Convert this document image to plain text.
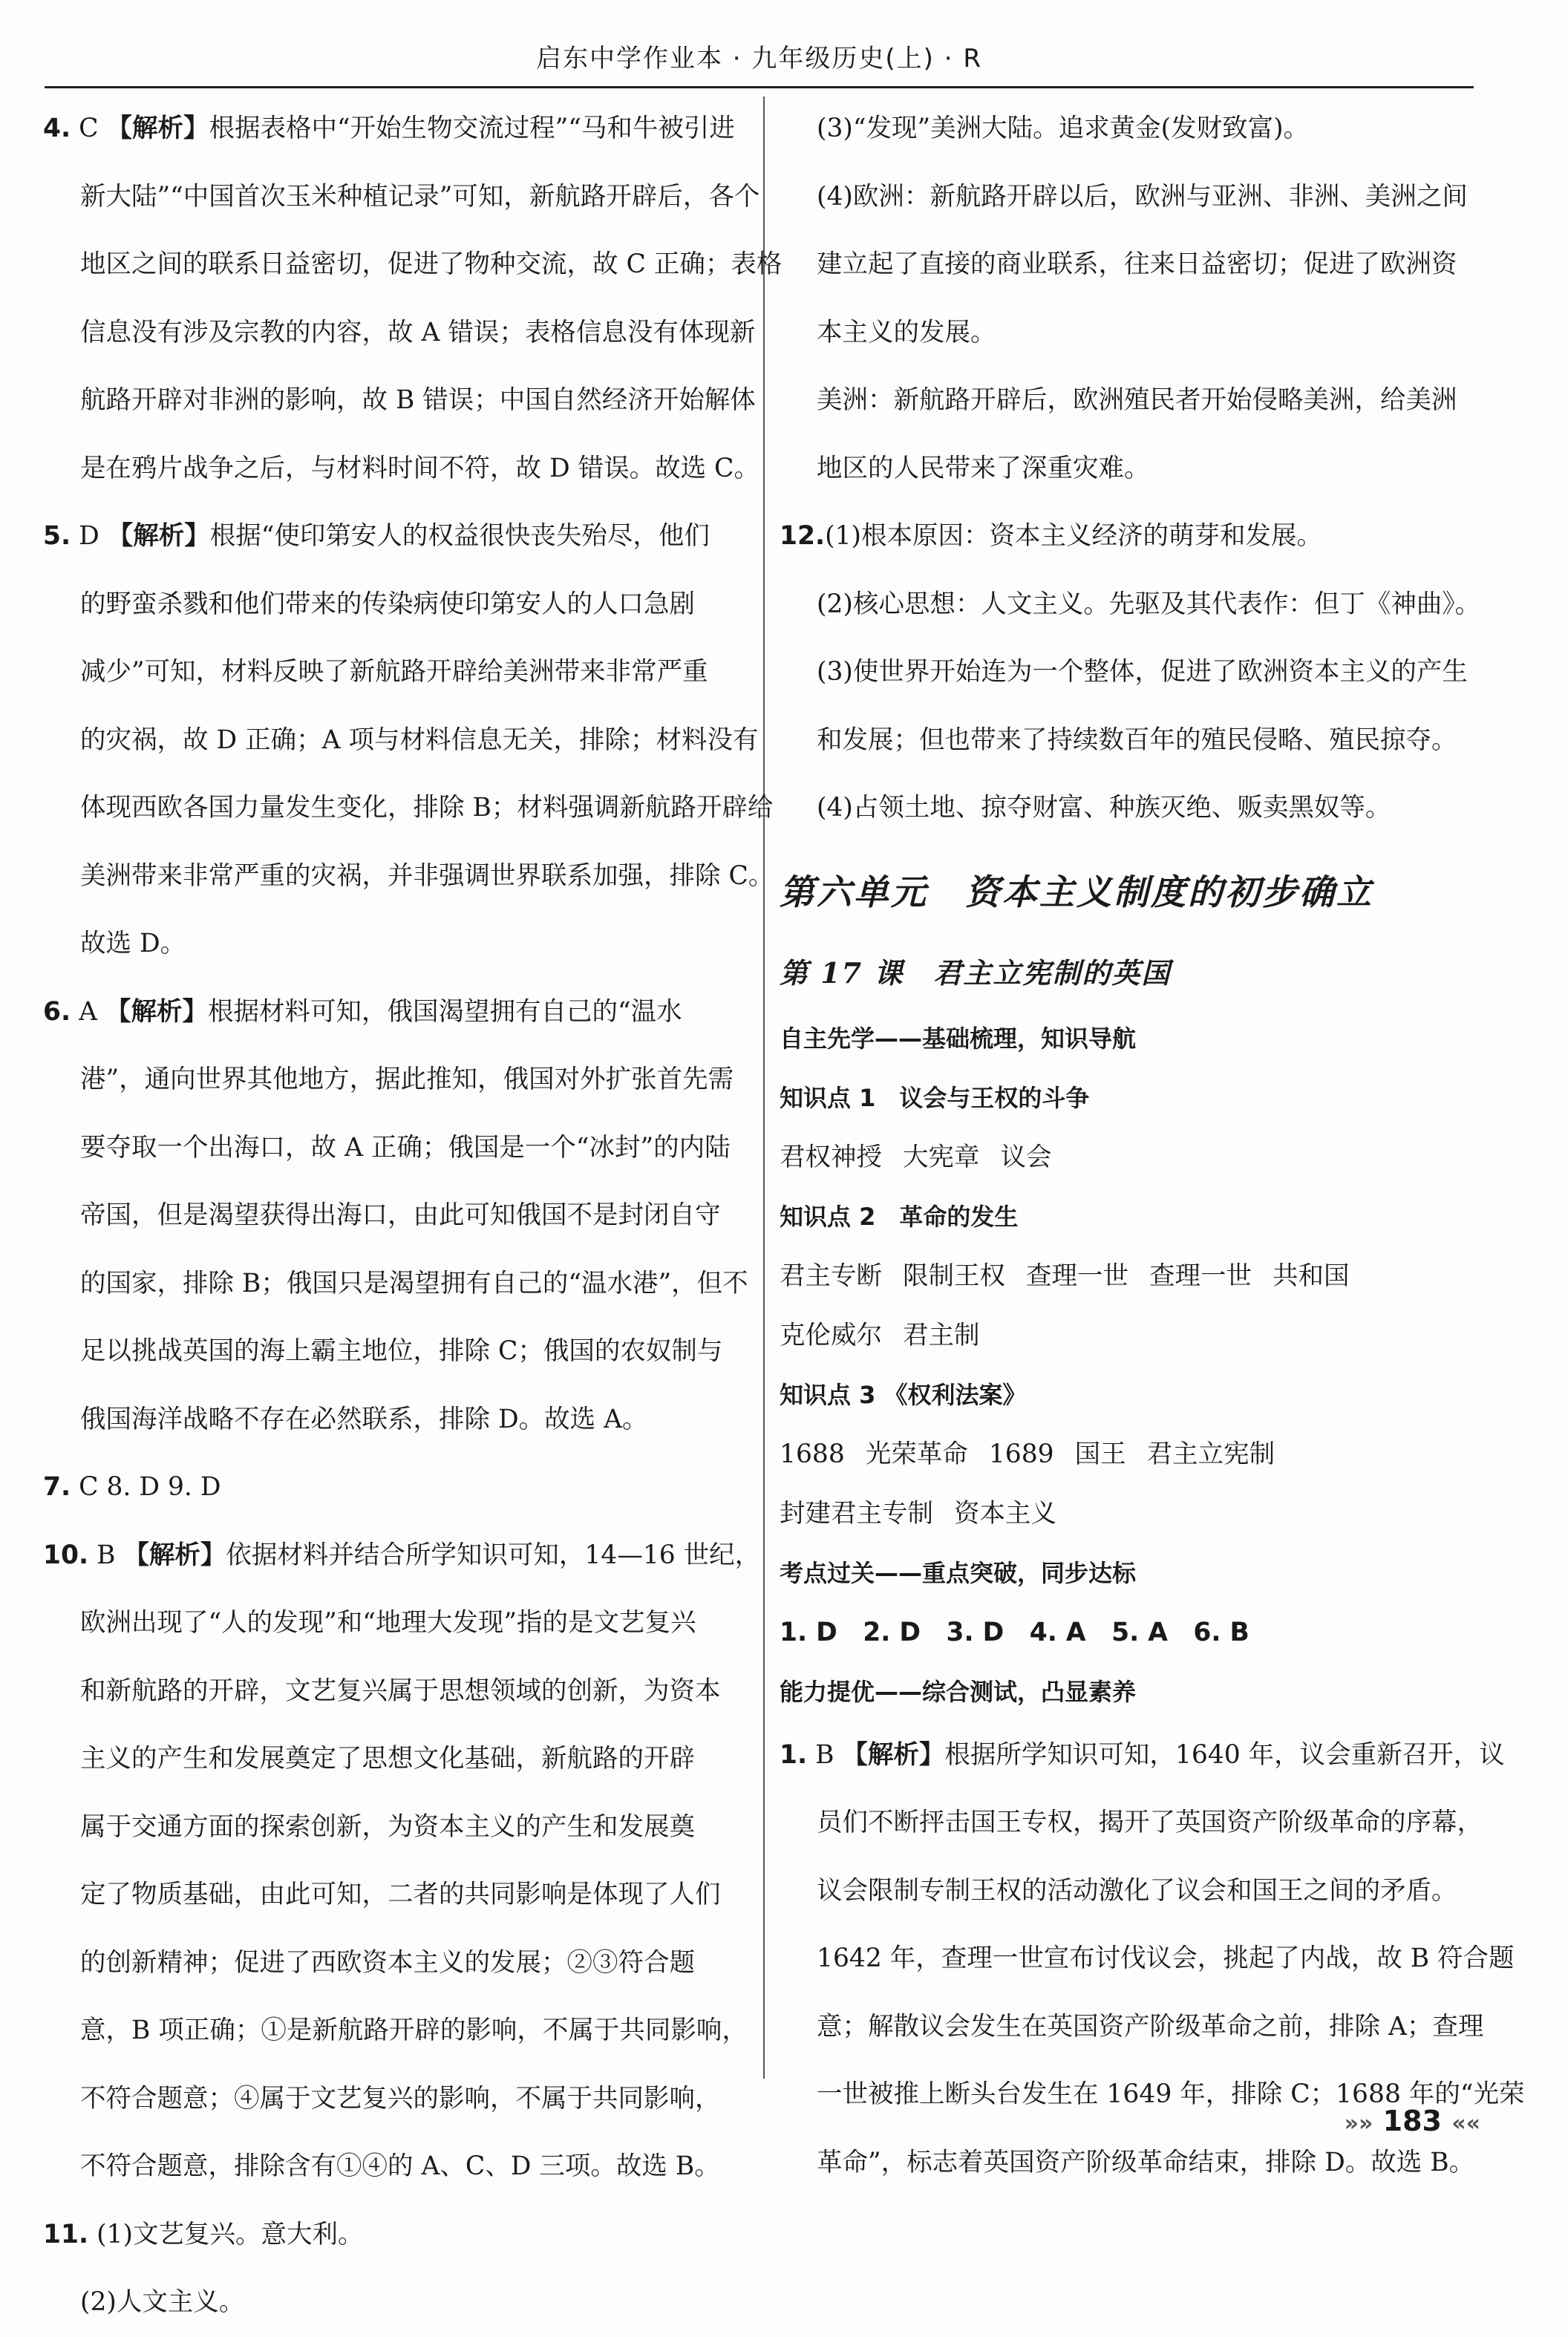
启东中学作业本 · 九年级历史(上) · R
4. C 【解析】根据表格中“开始生物交流过程”“马和牛被引进
新大陆”“中国首次玉米种植记录”可知，新航路开辟后，各个
地区之间的联系日益密切，促进了物种交流，故 C 正确；表格
信息没有涉及宗教的内容，故 A 错误；表格信息没有体现新
航路开辟对非洲的影响，故 B 错误；中国自然经济开始解体
是在鸦片战争之后，与材料时间不符，故 D 错误。故选 C。
5. D 【解析】根据“使印第安人的权益很快丧失殆尽，他们
的野蛮杀戮和他们带来的传染病使印第安人的人口急剧
减少”可知，材料反映了新航路开辟给美洲带来非常严重
的灾祸，故 D 正确；A 项与材料信息无关，排除；材料没有
体现西欧各国力量发生变化，排除 B；材料强调新航路开辟给
美洲带来非常严重的灾祸，并非强调世界联系加强，排除 C。
故选 D。
6. A 【解析】根据材料可知，俄国渴望拥有自己的“温水
港”，通向世界其他地方，据此推知，俄国对外扩张首先需
要夺取一个出海口，故 A 正确；俄国是一个“冰封”的内陆
帝国，但是渴望获得出海口，由此可知俄国不是封闭自守
的国家，排除 B；俄国只是渴望拥有自己的“温水港”，但不
足以挑战英国的海上霸主地位，排除 C；俄国的农奴制与
俄国海洋战略不存在必然联系，排除 D。故选 A。
7. C 8. D 9. D
10. B 【解析】依据材料并结合所学知识可知，14—16 世纪，
欧洲出现了“人的发现”和“地理大发现”指的是文艺复兴
和新航路的开辟，文艺复兴属于思想领域的创新，为资本
主义的产生和发展奠定了思想文化基础，新航路的开辟
属于交通方面的探索创新，为资本主义的产生和发展奠
定了物质基础，由此可知，二者的共同影响是体现了人们
的创新精神；促进了西欧资本主义的发展；②③符合题
意，B 项正确；①是新航路开辟的影响，不属于共同影响，
不符合题意；④属于文艺复兴的影响，不属于共同影响，
不符合题意，排除含有①④的 A、C、D 三项。故选 B。
11. (1)文艺复兴。意大利。
(2)人文主义。
(3)“发现”美洲大陆。追求黄金(发财致富)。
(4)欧洲：新航路开辟以后，欧洲与亚洲、非洲、美洲之间
建立起了直接的商业联系，往来日益密切；促进了欧洲资
本主义的发展。
美洲：新航路开辟后，欧洲殖民者开始侵略美洲，给美洲
地区的人民带来了深重灾难。
12.(1)根本原因：资本主义经济的萌芽和发展。
(2)核心思想：人文主义。先驱及其代表作：但丁《神曲》。
(3)使世界开始连为一个整体，促进了欧洲资本主义的产生
和发展；但也带来了持续数百年的殖民侵略、殖民掠夺。
(4)占领土地、掠夺财富、种族灭绝、贩卖黑奴等。
第六单元　资本主义制度的初步确立
第 17 课　君主立宪制的英国
自主先学——基础梳理，知识导航
知识点 1　议会与王权的斗争
君权神授 大宪章 议会
知识点 2　革命的发生
君主专断 限制王权 查理一世 查理一世 共和国
克伦威尔 君主制
知识点 3 《权利法案》
1688 光荣革命 1689 国王 君主立宪制
封建君主专制 资本主义
考点过关——重点突破，同步达标
1. D　2. D　3. D　4. A　5. A　6. B
能力提优——综合测试，凸显素养
1. B 【解析】根据所学知识可知，1640 年，议会重新召开，议
员们不断抨击国王专权，揭开了英国资产阶级革命的序幕，
议会限制专制王权的活动激化了议会和国王之间的矛盾。
1642 年，查理一世宣布讨伐议会，挑起了内战，故 B 符合题
意；解散议会发生在英国资产阶级革命之前，排除 A；查理
一世被推上断头台发生在 1649 年，排除 C；1688 年的“光荣
革命”，标志着英国资产阶级革命结束，排除 D。故选 B。
»» 183 ««
